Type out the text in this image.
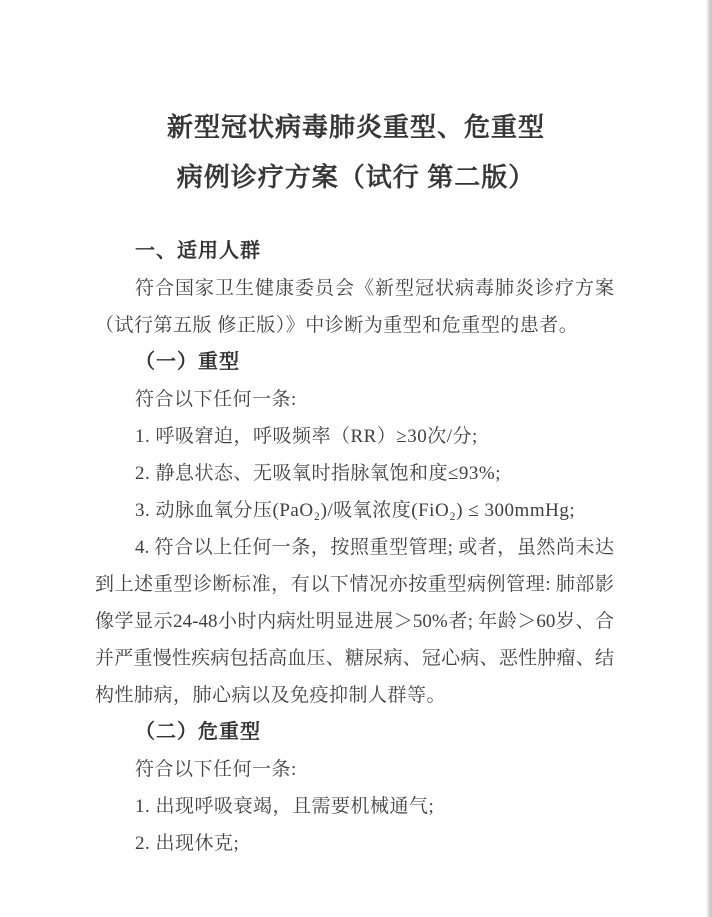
新型冠状病毒肺炎重型、危重型
病例诊疗方案（试行 第二版）
一、适用人群
符合国家卫生健康委员会《新型冠状病毒肺炎诊疗方案
（试行第五版 修正版）》中诊断为重型和危重型的患者。
（一）重型
符合以下任何一条:
1. 呼吸窘迫，呼吸频率（RR）≥30次/分;
2. 静息状态、无吸氧时指脉氧饱和度≤93%;
3. 动脉血氧分压(PaO₂)/吸氧浓度(FiO₂) ≤ 300mmHg;
4. 符合以上任何一条，按照重型管理; 或者，虽然尚未达
到上述重型诊断标准，有以下情况亦按重型病例管理: 肺部影
像学显示24-48小时内病灶明显进展＞50%者; 年龄＞60岁、合
并严重慢性疾病包括高血压、糖尿病、冠心病、恶性肿瘤、结
构性肺病，肺心病以及免疫抑制人群等。
（二）危重型
符合以下任何一条:
1. 出现呼吸衰竭，且需要机械通气;
2. 出现休克;
